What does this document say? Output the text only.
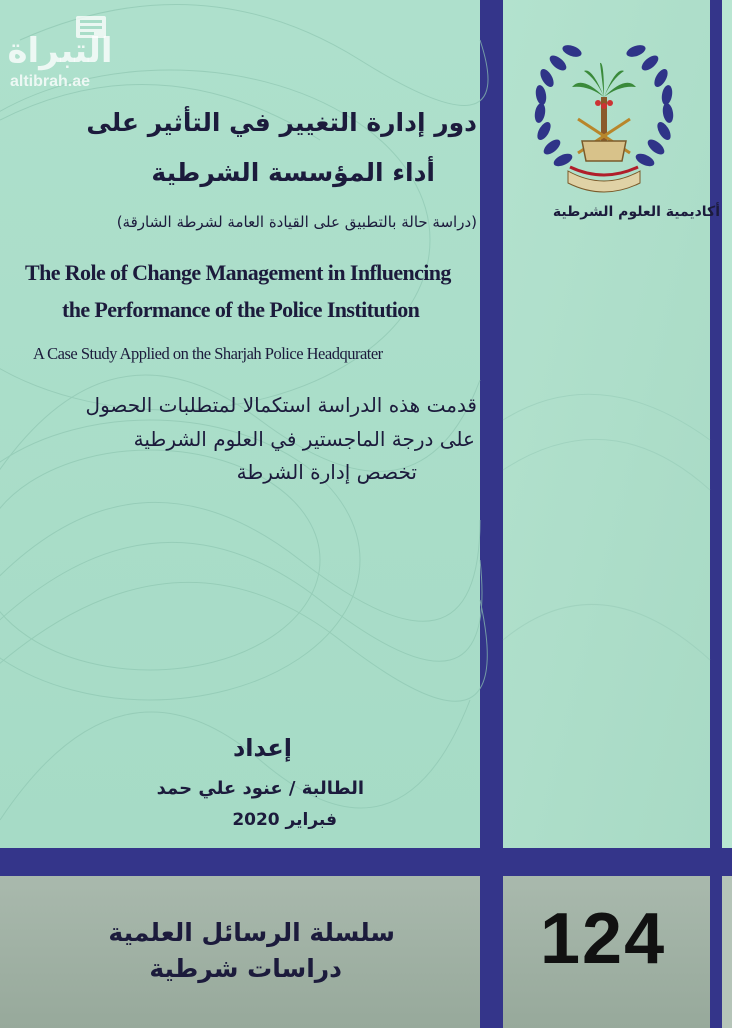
التبراة
altibrah.ae
أكاديمية العلوم الشرطية
دور إدارة التغيير في التأثير على
أداء المؤسسة الشرطية

(دراسة حالة بالتطبيق على القيادة العامة لشرطة الشارقة)

The Role of Change Management in Influencing
the Performance of the Police Institution

A Case Study Applied on the Sharjah Police Headqurater

قدمت هذه الدراسة استكمالا لمتطلبات الحصول

على درجة الماجستير في العلوم الشرطية

تخصص إدارة الشرطة

إعداد
الطالبة / عنود علي حمد
فبراير 2020
سلسلة الرسائل العلمية
دراسات شرطية	124
